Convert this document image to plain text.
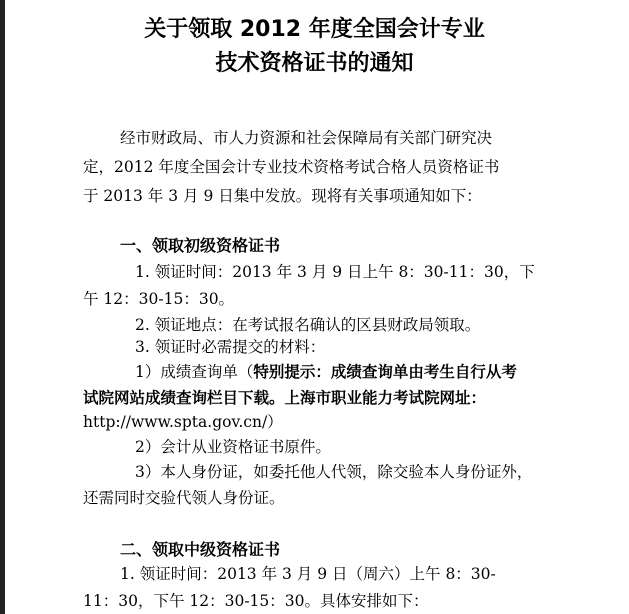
关于领取 2012 年度全国会计专业
技术资格证书的通知
经市财政局、市人力资源和社会保障局有关部门研究决
定，2012 年度全国会计专业技术资格考试合格人员资格证书
于 2013 年 3 月 9 日集中发放。现将有关事项通知如下：
一、领取初级资格证书
1. 领证时间：2013 年 3 月 9 日上午 8：30-11：30，下
午 12：30-15：30。
2. 领证地点：在考试报名确认的区县财政局领取。
3. 领证时必需提交的材料：
1）成绩查询单（特别提示：成绩查询单由考生自行从考
试院网站成绩查询栏目下载。上海市职业能力考试院网址：
http://www.spta.gov.cn/）
2）会计从业资格证书原件。
3）本人身份证，如委托他人代领，除交验本人身份证外，
还需同时交验代领人身份证。
二、领取中级资格证书
1. 领证时间：2013 年 3 月 9 日（周六）上午 8：30-
11：30，下午 12：30-15：30。具体安排如下：
